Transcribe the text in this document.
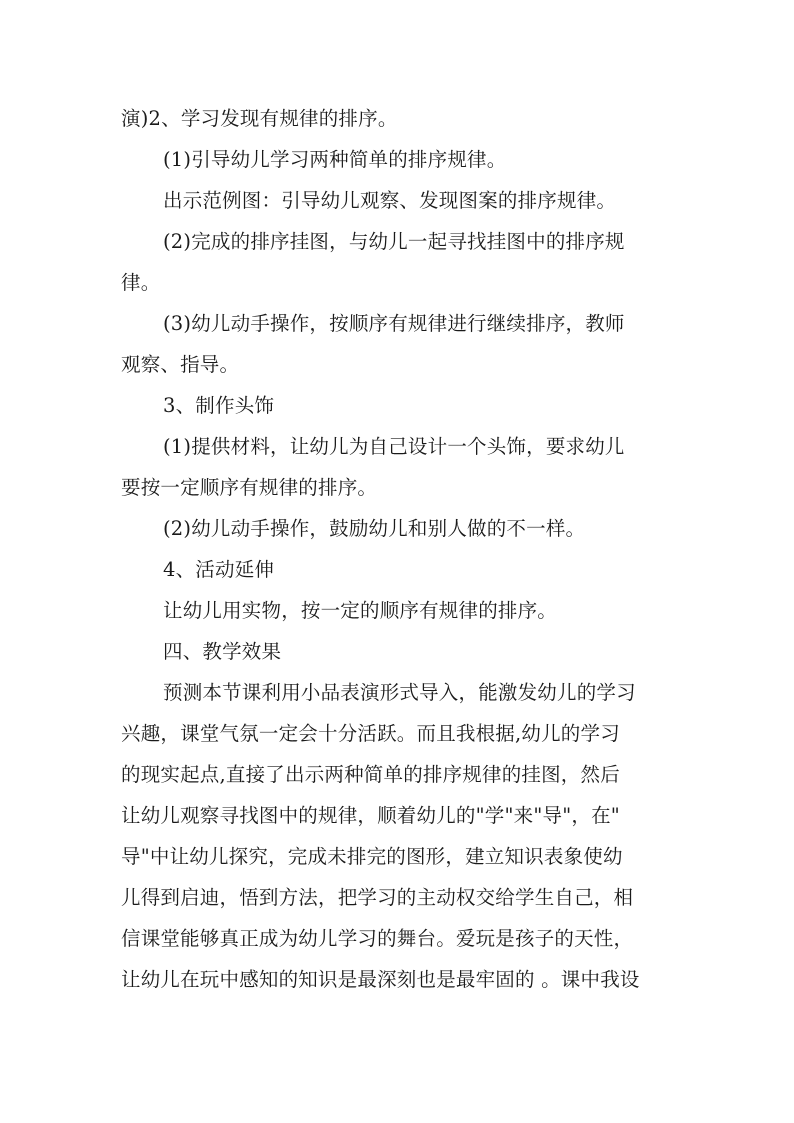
演)2、学习发现有规律的排序。
(1)引导幼儿学习两种简单的排序规律。
出示范例图：引导幼儿观察、发现图案的排序规律。
(2)完成的排序挂图，与幼儿一起寻找挂图中的排序规
律。
(3)幼儿动手操作，按顺序有规律进行继续排序，教师
观察、指导。
3、制作头饰
(1)提供材料，让幼儿为自己设计一个头饰，要求幼儿
要按一定顺序有规律的排序。
(2)幼儿动手操作，鼓励幼儿和别人做的不一样。
4、活动延伸
让幼儿用实物，按一定的顺序有规律的排序。
四、教学效果
预测本节课利用小品表演形式导入，能激发幼儿的学习
兴趣，课堂气氛一定会十分活跃。而且我根据,幼儿的学习
的现实起点,直接了出示两种简单的排序规律的挂图，然后
让幼儿观察寻找图中的规律，顺着幼儿的"学"来"导"，在"
导"中让幼儿探究，完成未排完的图形，建立知识表象使幼
儿得到启迪，悟到方法，把学习的主动权交给学生自己，相
信课堂能够真正成为幼儿学习的舞台。爱玩是孩子的天性，
让幼儿在玩中感知的知识是最深刻也是最牢固的 。课中我设
